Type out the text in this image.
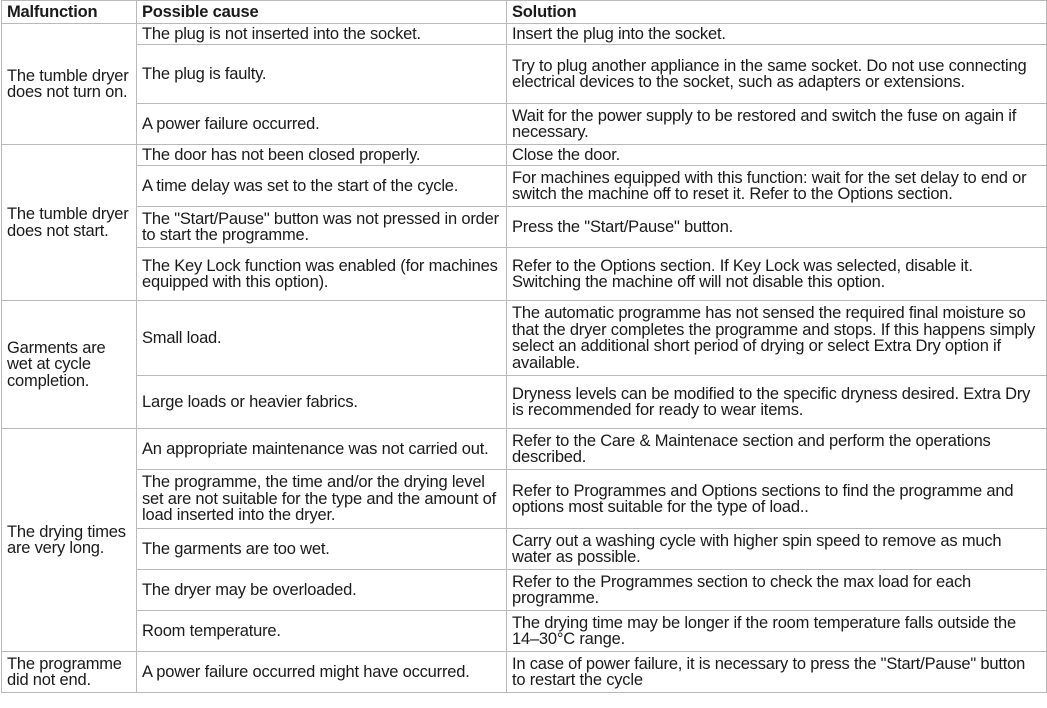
Malfunction	Possible cause	Solution
The tumble dryer does not turn on.	The plug is not inserted into the socket.	Insert the plug into the socket.
	The plug is faulty.	Try to plug another appliance in the same socket. Do not use connecting electrical devices to the socket, such as adapters or extensions.
	A power failure occurred.	Wait for the power supply to be restored and switch the fuse on again if necessary.
The tumble dryer does not start.	The door has not been closed properly.	Close the door.
	A time delay was set to the start of the cycle.	For machines equipped with this function: wait for the set delay to end or switch the machine off to reset it. Refer to the Options section.
	The "Start/Pause" button was not pressed in order to start the programme.	Press the "Start/Pause" button.
	The Key Lock function was enabled (for machines equipped with this option).	Refer to the Options section. If Key Lock was selected, disable it. Switching the machine off will not disable this option.
Garments are wet at cycle completion.	Small load.	The automatic programme has not sensed the required final moisture so that the dryer completes the programme and stops. If this happens simply select an additional short period of drying or select Extra Dry option if available.
	Large loads or heavier fabrics.	Dryness levels can be modified to the specific dryness desired. Extra Dry is recommended for ready to wear items.
The drying times are very long.	An appropriate maintenance was not carried out.	Refer to the Care & Maintenace section and perform the operations described.
	The programme, the time and/or the drying level set are not suitable for the type and the amount of load inserted into the dryer.	Refer to Programmes and Options sections to find the programme and options most suitable for the type of load..
	The garments are too wet.	Carry out a washing cycle with higher spin speed to remove as much water as possible.
	The dryer may be overloaded.	Refer to the Programmes section to check the max load for each programme.
	Room temperature.	The drying time may be longer if the room temperature falls outside the 14–30°C range.
The programme did not end.	A power failure occurred might have occurred.	In case of power failure, it is necessary to press the "Start/Pause" button to restart the cycle
